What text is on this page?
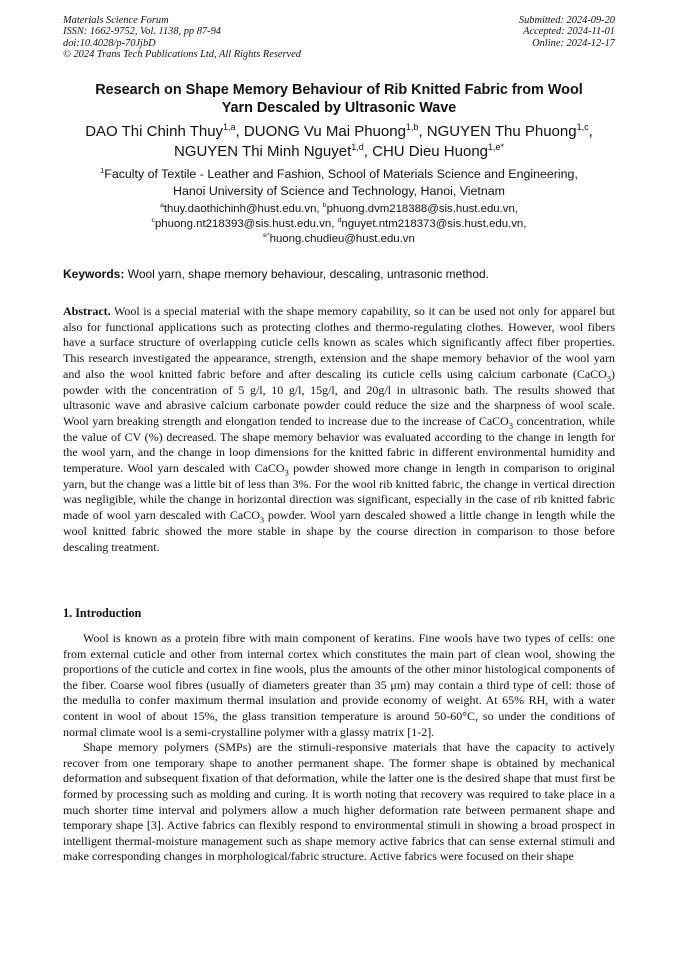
Materials Science Forum
ISSN: 1662-9752, Vol. 1138, pp 87-94
doi:10.4028/p-70JjbD
© 2024 Trans Tech Publications Ltd, All Rights Reserved
Submitted: 2024-09-20
Accepted: 2024-11-01
Online: 2024-12-17
Research on Shape Memory Behaviour of Rib Knitted Fabric from Wool
Yarn Descaled by Ultrasonic Wave
DAO Thi Chinh Thuy$^{1,a}$, DUONG Vu Mai Phuong$^{1,b}$, NGUYEN Thu Phuong$^{1,c}$,
NGUYEN Thi Minh Nguyet$^{1,d}$, CHU Dieu Huong$^{1,e*}$
$^1$Faculty of Textile - Leather and Fashion, School of Materials Science and Engineering,
Hanoi University of Science and Technology, Hanoi, Vietnam
$^a$thuy.daothichinh@hust.edu.vn, $^b$phuong.dvm218388@sis.hust.edu.vn,
$^c$phuong.nt218393@sis.hust.edu.vn, $^d$nguyet.ntm218373@sis.hust.edu.vn,
$^{e*}$huong.chudieu@hust.edu.vn
Keywords: Wool yarn, shape memory behaviour, descaling, untrasonic method.
Abstract. Wool is a special material with the shape memory capability, so it can be used not only for apparel but also for functional applications such as protecting clothes and thermo-regulating clothes. However, wool fibers have a surface structure of overlapping cuticle cells known as scales which significantly affect fiber properties. This research investigated the appearance, strength, extension and the shape memory behavior of the wool yarn and also the wool knitted fabric before and after descaling its cuticle cells using calcium carbonate (CaCO$_3$) powder with the concentration of 5 g/l, 10 g/l, 15g/l, and 20g/l in ultrasonic bath. The results showed that ultrasonic wave and abrasive calcium carbonate powder could reduce the size and the sharpness of wool scale. Wool yarn breaking strength and elongation tended to increase due to the increase of CaCO$_3$ concentration, while the value of CV (%) decreased. The shape memory behavior was evaluated according to the change in length for the wool yarn, and the change in loop dimensions for the knitted fabric in different environmental humidity and temperature. Wool yarn descaled with CaCO$_3$ powder showed more change in length in comparison to original yarn, but the change was a little bit of less than 3%. For the wool rib knitted fabric, the change in vertical direction was negligible, while the change in horizontal direction was significant, especially in the case of rib knitted fabric made of wool yarn descaled with CaCO$_3$ powder. Wool yarn descaled showed a little change in length while the wool knitted fabric showed the more stable in shape by the course direction in comparison to those before descaling treatment.
1. Introduction

Wool is known as a protein fibre with main component of keratins. Fine wools have two types of cells: one from external cuticle and other from internal cortex which constitutes the main part of clean wool, showing the proportions of the cuticle and cortex in fine wools, plus the amounts of the other minor histological components of the fiber. Coarse wool fibres (usually of diameters greater than 35 μm) may contain a third type of cell: those of the medulla to confer maximum thermal insulation and provide economy of weight. At 65% RH, with a water content in wool of about 15%, the glass transition temperature is around 50-60°C, so under the conditions of normal climate wool is a semi-crystalline polymer with a glassy matrix [1-2].

Shape memory polymers (SMPs) are the stimuli-responsive materials that have the capacity to actively recover from one temporary shape to another permanent shape. The former shape is obtained by mechanical deformation and subsequent fixation of that deformation, while the latter one is the desired shape that must first be formed by processing such as molding and curing. It is worth noting that recovery was required to take place in a much shorter time interval and polymers allow a much higher deformation rate between permanent shape and temporary shape [3]. Active fabrics can flexibly respond to environmental stimuli in showing a broad prospect in intelligent thermal-moisture management such as shape memory active fabrics that can sense external stimuli and make corresponding changes in morphological/fabric structure. Active fabrics were focused on their shape
